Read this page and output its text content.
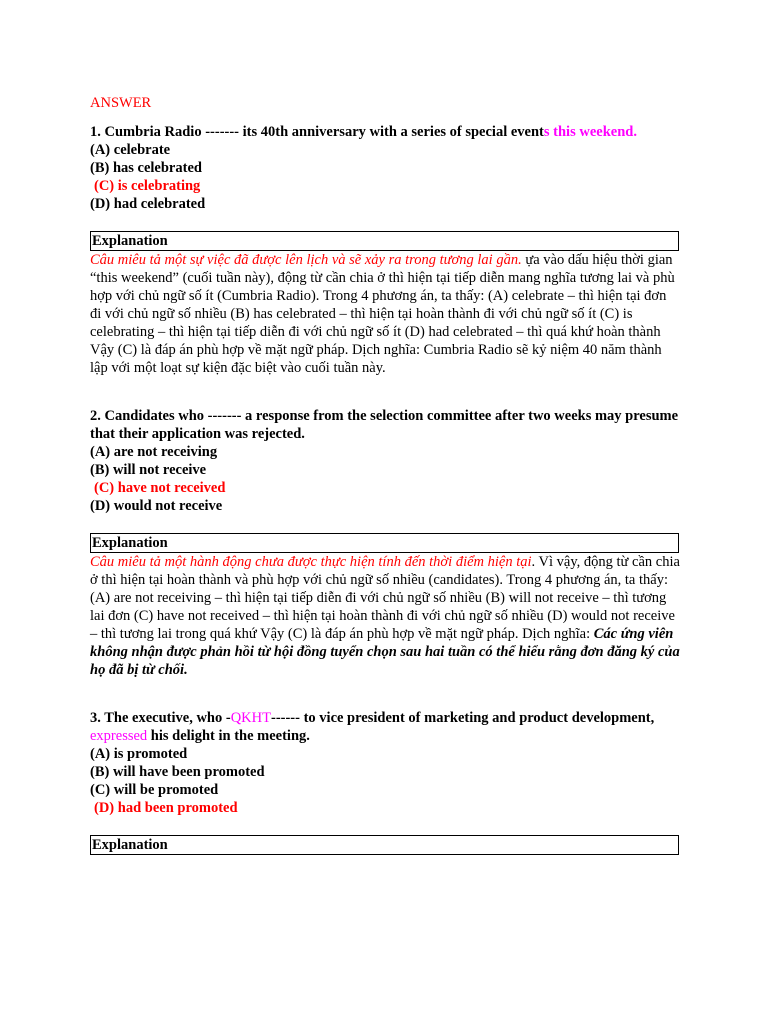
ANSWER

1. Cumbria Radio ------- its 40th anniversary with a series of special events this weekend.

(A) celebrate

(B) has celebrated

(C) is celebrating

(D) had celebrated

Explanation

Câu miêu tả một sự việc đã được lên lịch và sẽ xảy ra trong tương lai gần. ựa vào dấu hiệu thời gian “this weekend” (cuối tuần này), động từ cần chia ở thì hiện tại tiếp diễn mang nghĩa tương lai và phù hợp với chủ ngữ số ít (Cumbria Radio). Trong 4 phương án, ta thấy: (A) celebrate – thì hiện tại đơn đi với chủ ngữ số nhiều (B) has celebrated – thì hiện tại hoàn thành đi với chủ ngữ số ít (C) is celebrating – thì hiện tại tiếp diễn đi với chủ ngữ số ít (D) had celebrated – thì quá khứ hoàn thành Vậy (C) là đáp án phù hợp về mặt ngữ pháp. Dịch nghĩa: Cumbria Radio sẽ kỷ niệm 40 năm thành lập với một loạt sự kiện đặc biệt vào cuối tuần này.

2. Candidates who ------- a response from the selection committee after two weeks may presume that their application was rejected.

(A) are not receiving

(B) will not receive

(C) have not received

(D) would not receive

Explanation

Câu miêu tả một hành động chưa được thực hiện tính đến thời điểm hiện tại. Vì vậy, động từ cần chia ở thì hiện tại hoàn thành và phù hợp với chủ ngữ số nhiều (candidates). Trong 4 phương án, ta thấy: (A) are not receiving – thì hiện tại tiếp diễn đi với chủ ngữ số nhiều (B) will not receive – thì tương lai đơn (C) have not received – thì hiện tại hoàn thành đi với chủ ngữ số nhiều (D) would not receive – thì tương lai trong quá khứ Vậy (C) là đáp án phù hợp về mặt ngữ pháp. Dịch nghĩa: Các ứng viên không nhận được phản hồi từ hội đồng tuyển chọn sau hai tuần có thể hiểu rằng đơn đăng ký của họ đã bị từ chối.

3. The executive, who -QKHT------ to vice president of marketing and product development, expressed his delight in the meeting.

(A) is promoted

(B) will have been promoted

(C) will be promoted

(D) had been promoted

Explanation
